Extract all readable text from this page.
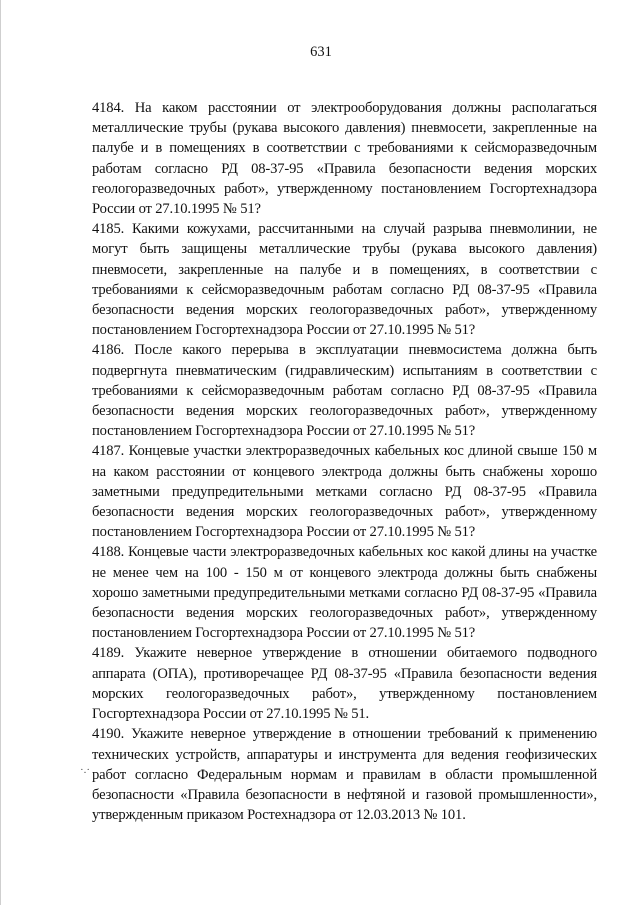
631

4184. На каком расстоянии от электрооборудования должны располагаться металлические трубы (рукава высокого давления) пневмосети, закрепленные на палубе и в помещениях в соответствии с требованиями к сейсморазведочным работам согласно РД 08-37-95 «Правила безопасности ведения морских геологоразведочных работ», утвержденному постановлением Госгортехнадзора России от 27.10.1995 № 51?

4185. Какими кожухами, рассчитанными на случай разрыва пневмолинии, не могут быть защищены металлические трубы (рукава высокого давления) пневмосети, закрепленные на палубе и в помещениях, в соответствии с требованиями к сейсморазведочным работам согласно РД 08-37-95 «Правила безопасности ведения морских геологоразведочных работ», утвержденному постановлением Госгортехнадзора России от 27.10.1995 № 51?

4186. После какого перерыва в эксплуатации пневмосистема должна быть подвергнута пневматическим (гидравлическим) испытаниям в соответствии с требованиями к сейсморазведочным работам согласно РД 08-37-95 «Правила безопасности ведения морских геологоразведочных работ», утвержденному постановлением Госгортехнадзора России от 27.10.1995 № 51?

4187. Концевые участки электроразведочных кабельных кос длиной свыше 150 м на каком расстоянии от концевого электрода должны быть снабжены хорошо заметными предупредительными метками согласно РД 08-37-95 «Правила безопасности ведения морских геологоразведочных работ», утвержденному постановлением Госгортехнадзора России от 27.10.1995 № 51?

4188. Концевые части электроразведочных кабельных кос какой длины на участке не менее чем на 100 - 150 м от концевого электрода должны быть снабжены хорошо заметными предупредительными метками согласно РД 08-37-95 «Правила безопасности ведения морских геологоразведочных работ», утвержденному постановлением Госгортехнадзора России от 27.10.1995 № 51?

4189. Укажите неверное утверждение в отношении обитаемого подводного аппарата (ОПА), противоречащее РД 08-37-95 «Правила безопасности ведения морских геологоразведочных работ», утвержденному постановлением Госгортехнадзора России от 27.10.1995 № 51.

4190. Укажите неверное утверждение в отношении требований к применению технических устройств, аппаратуры и инструмента для ведения геофизических работ согласно Федеральным нормам и правилам в области промышленной безопасности «Правила безопасности в нефтяной и газовой промышленности», утвержденным приказом Ростехнадзора от 12.03.2013 № 101.

·.·
